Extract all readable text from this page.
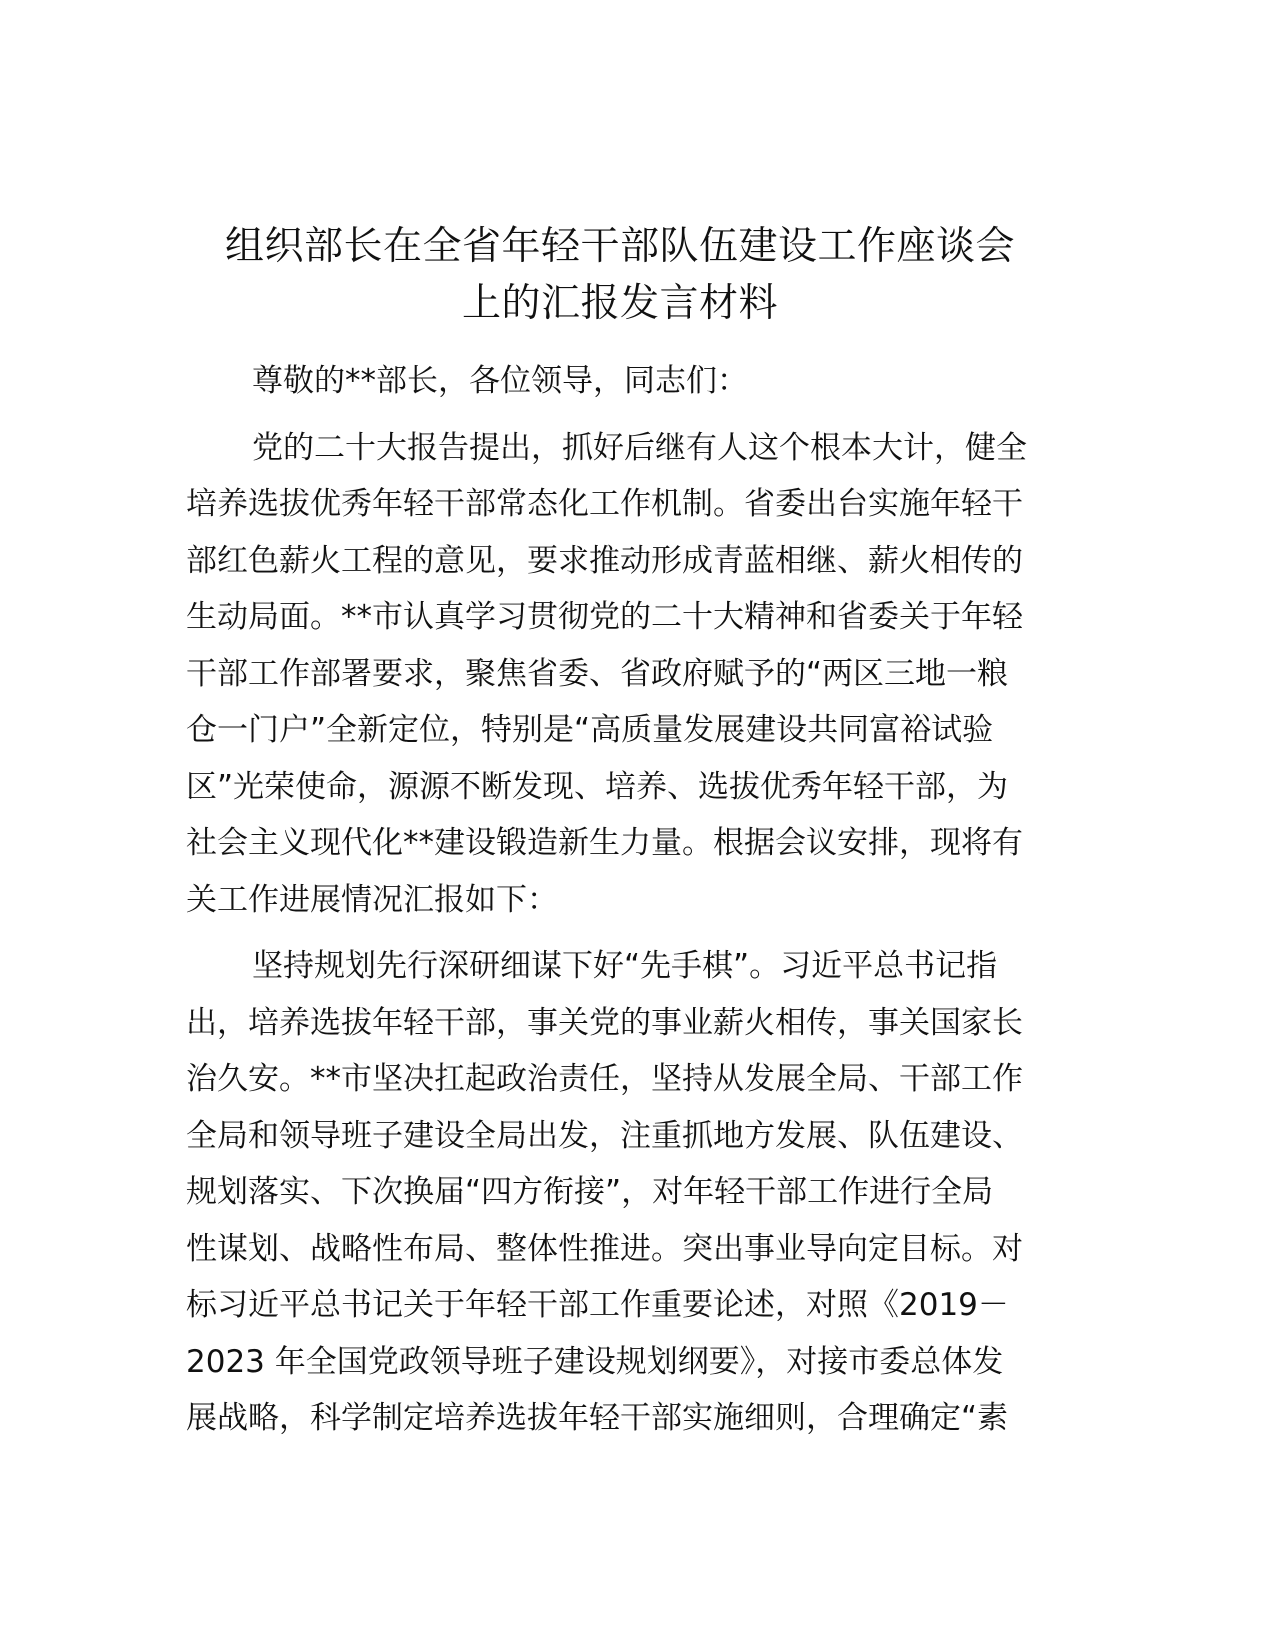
组织部长在全省年轻干部队伍建设工作座谈会
上的汇报发言材料
尊敬的**部长，各位领导，同志们：
党的二十大报告提出，抓好后继有人这个根本大计，健全
培养选拔优秀年轻干部常态化工作机制。省委出台实施年轻干
部红色薪火工程的意见，要求推动形成青蓝相继、薪火相传的
生动局面。**市认真学习贯彻党的二十大精神和省委关于年轻
干部工作部署要求，聚焦省委、省政府赋予的“两区三地一粮
仓一门户”全新定位，特别是“高质量发展建设共同富裕试验
区”光荣使命，源源不断发现、培养、选拔优秀年轻干部，为
社会主义现代化**建设锻造新生力量。根据会议安排，现将有
关工作进展情况汇报如下：
坚持规划先行深研细谋下好“先手棋”。习近平总书记指
出，培养选拔年轻干部，事关党的事业薪火相传，事关国家长
治久安。**市坚决扛起政治责任，坚持从发展全局、干部工作
全局和领导班子建设全局出发，注重抓地方发展、队伍建设、
规划落实、下次换届“四方衔接”，对年轻干部工作进行全局
性谋划、战略性布局、整体性推进。突出事业导向定目标。对
标习近平总书记关于年轻干部工作重要论述，对照《2019－
2023 年全国党政领导班子建设规划纲要》，对接市委总体发
展战略，科学制定培养选拔年轻干部实施细则，合理确定“素
